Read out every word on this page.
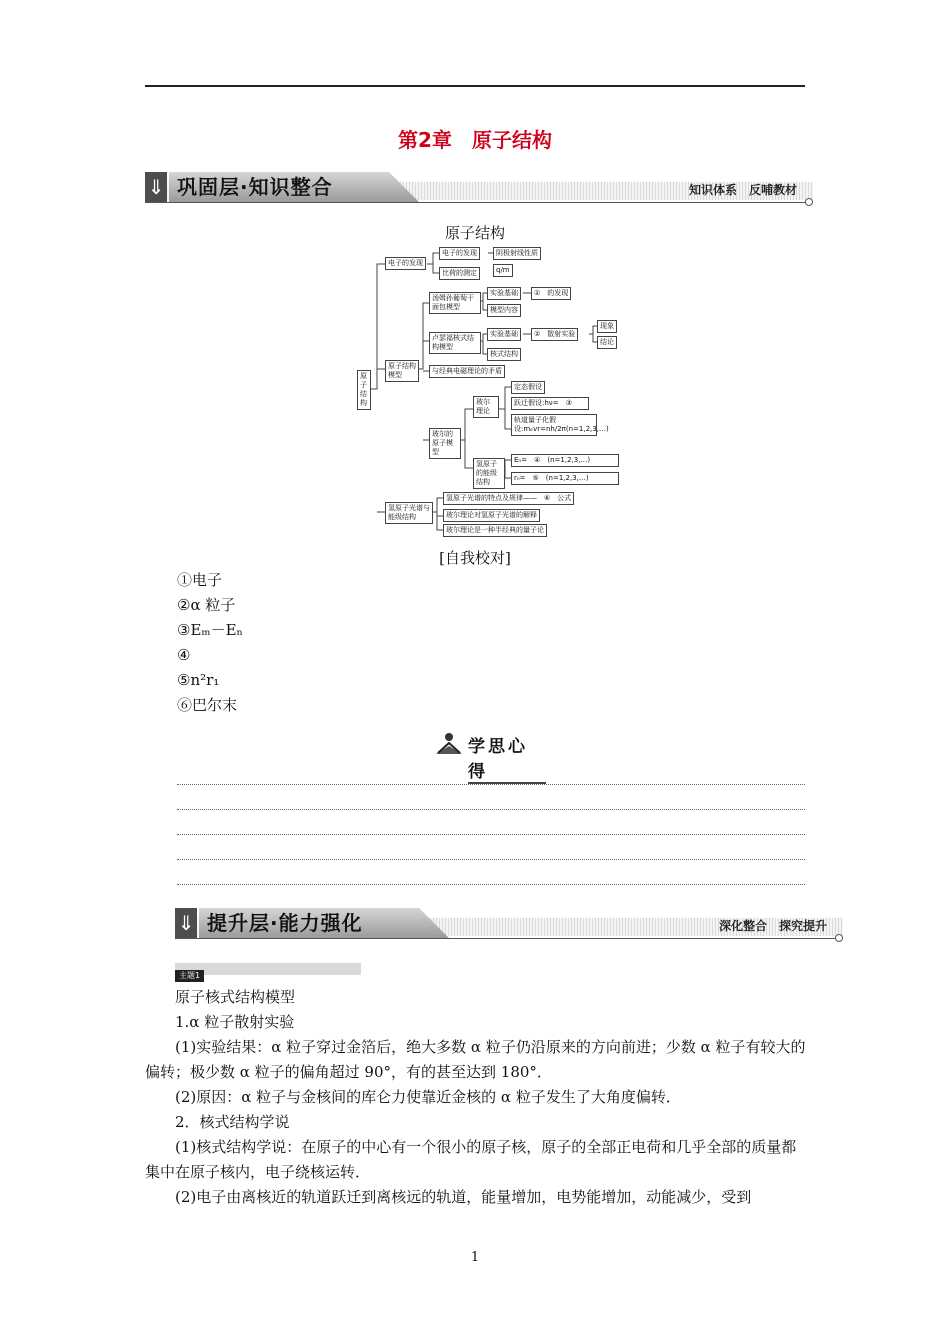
第2章　原子结构
⇓ 巩固层·知识整合	知识体系　反哺教材
原子结构
原子结构
电子的发现
电子的发现	阴极射线性质
比荷的测定	q/m
原子结构模型
汤姆孙葡萄干面包模型
实验基础	①　的发现
模型内容
卢瑟福核式结构模型
实验基础	②　散射实验
现象
结论
核式结构
与经典电磁理论的矛盾
玻尔的原子模型
玻尔理论
定态假设
跃迁假设:hν=　③
轨道量子化假设:mₑvr=nh/2π(n=1,2,3,…)
氢原子的能级结构
Eₙ=　④　(n=1,2,3,…)
rₙ=　⑤　(n=1,2,3,…)
氢原子光谱与能级结构
氢原子光谱的特点及规律——　⑥　公式
玻尔理论对氢原子光谱的解释
玻尔理论是一种半经典的量子论
[自我校对]
①电子
②α 粒子
③Eₘ－Eₙ
④
⑤n²r₁
⑥巴尔末
学思心得
⇓ 提升层·能力强化	深化整合　探究提升
主题1
原子核式结构模型
1.α 粒子散射实验
(1)实验结果：α 粒子穿过金箔后，绝大多数 α 粒子仍沿原来的方向前进；少数 α 粒子有较大的偏转；极少数 α 粒子的偏角超过 90°，有的甚至达到 180°．
(2)原因：α 粒子与金核间的库仑力使靠近金核的 α 粒子发生了大角度偏转．
2．核式结构学说
(1)核式结构学说：在原子的中心有一个很小的原子核，原子的全部正电荷和几乎全部的质量都集中在原子核内，电子绕核运转．
(2)电子由离核近的轨道跃迁到离核远的轨道，能量增加，电势能增加，动能减少，受到
1
